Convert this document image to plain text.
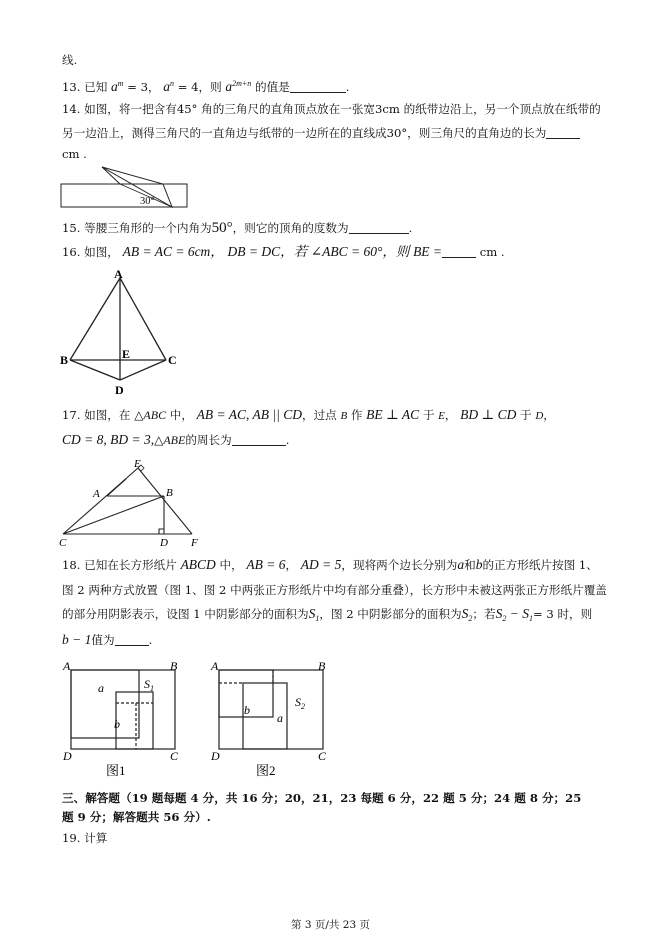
线.
13. 已知 $a^m = 3$， $a^n = 4$，则 $a^{2m+n}$ 的值是	.
14. 如图，将一把含有45° 角的三角尺的直角顶点放在一张宽3cm 的纸带边沿上，另一个顶点放在纸带的
另一边沿上，测得三角尺的一直角边与纸带的一边所在的直线成30°，则三角尺的直角边的长为
cm .
30°
15. 等腰三角形的一个内角为50°，则它的顶角的度数为	.
16. 如图， AB = AC = 6cm， DB = DC，若 ∠ABC = 60°，则 BE =	cm .
A
B	C
D
E
17. 如图，在 △ABC 中， AB = AC, AB || CD，过点 B 作 BE ⊥ AC 于 E， BD ⊥ CD 于 D，
CD = 8, BD = 3,△ABE的周长为	.
E
A	B
C	D F
18. 已知在长方形纸片 ABCD 中， AB = 6， AD = 5，现将两个边长分别为a和b的正方形纸片按图 1、
图 2 两种方式放置（图 1、图 2 中两张正方形纸片中均有部分重叠），长方形中未被这两张正方形纸片覆盖
的部分用阴影表示，设图 1 中阴影部分的面积为$S_1$，图 2 中阴影部分的面积为$S_2$；若$S_2 - S_1= 3$ 时，则
b − 1值为	.
A	B
D	C
a
b
$S_1$
图1
A	B
D	C
b
a
$S_2$
图2
三、解答题（19 题每题 4 分，共 16 分；20，21，23 每题 6 分，22 题 5 分；24 题 8 分；25
题 9 分；解答题共 56 分）.
19. 计算
第 3 页/共 23 页
